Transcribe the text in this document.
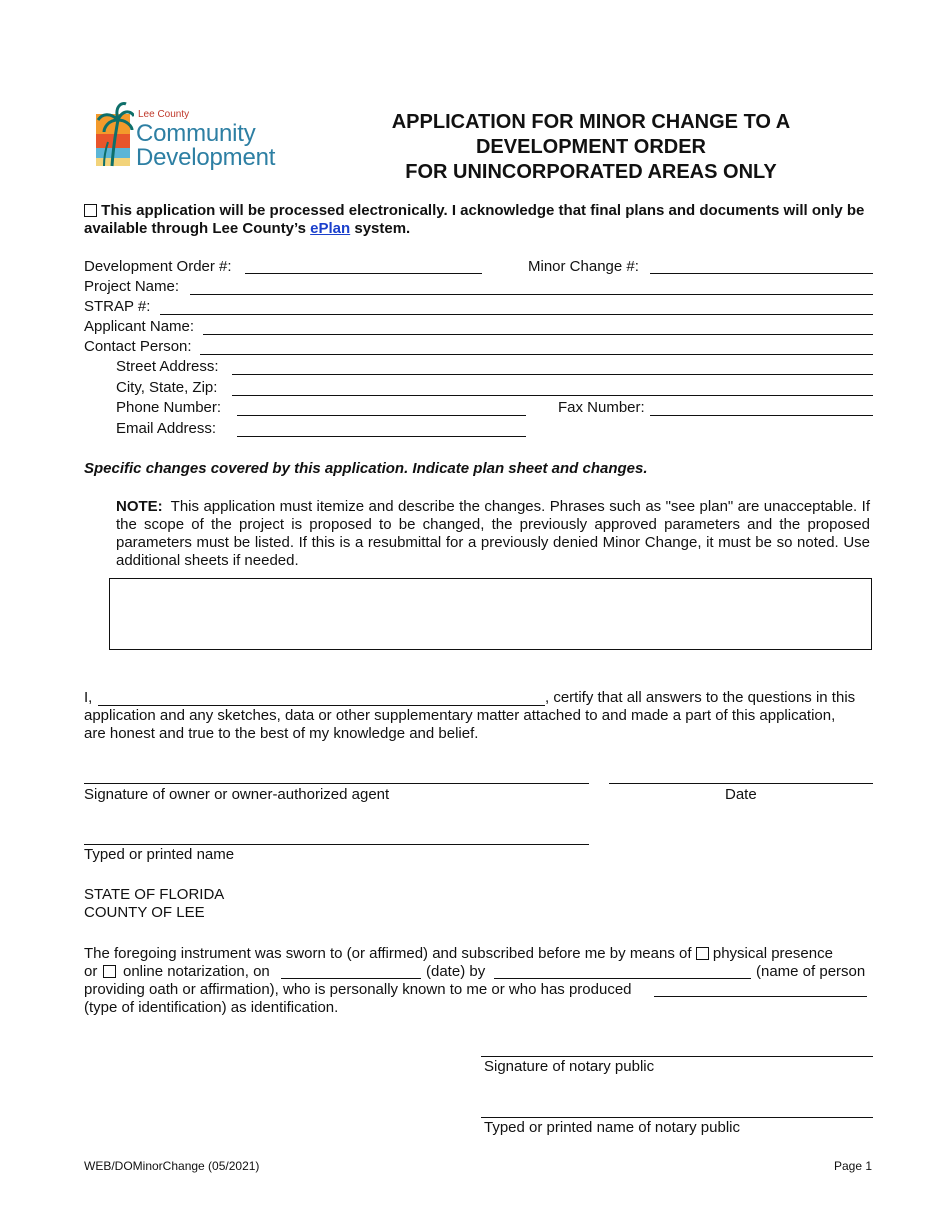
Lee County
Community
Development
APPLICATION FOR MINOR CHANGE TO A
DEVELOPMENT ORDER
FOR UNINCORPORATED AREAS ONLY
This application will be processed electronically. I acknowledge that final plans and documents will only be available through Lee County’s ePlan system.
Development Order #:	Minor Change #:
Project Name:
STRAP #:
Applicant Name:
Contact Person:
Street Address:
City, State, Zip:
Phone Number:	Fax Number:
Email Address:
Specific changes covered by this application. Indicate plan sheet and changes.
NOTE: This application must itemize and describe the changes. Phrases such as "see plan" are unacceptable. If the scope of the project is proposed to be changed, the previously approved parameters and the proposed parameters must be listed. If this is a resubmittal for a previously denied Minor Change, it must be so noted. Use additional sheets if needed.
I,	, certify that all answers to the questions in this
application and any sketches, data or other supplementary matter attached to and made a part of this application,
are honest and true to the best of my knowledge and belief.
Signature of owner or owner-authorized agent	Date
Typed or printed name
STATE OF FLORIDA
COUNTY OF LEE
The foregoing instrument was sworn to (or affirmed) and subscribed before me by means of physical presence
or online notarization, on	(date) by	(name of person
providing oath or affirmation), who is personally known to me or who has produced
(type of identification) as identification.
Signature of notary public
Typed or printed name of notary public
WEB/DOMinorChange (05/2021)	Page 1
